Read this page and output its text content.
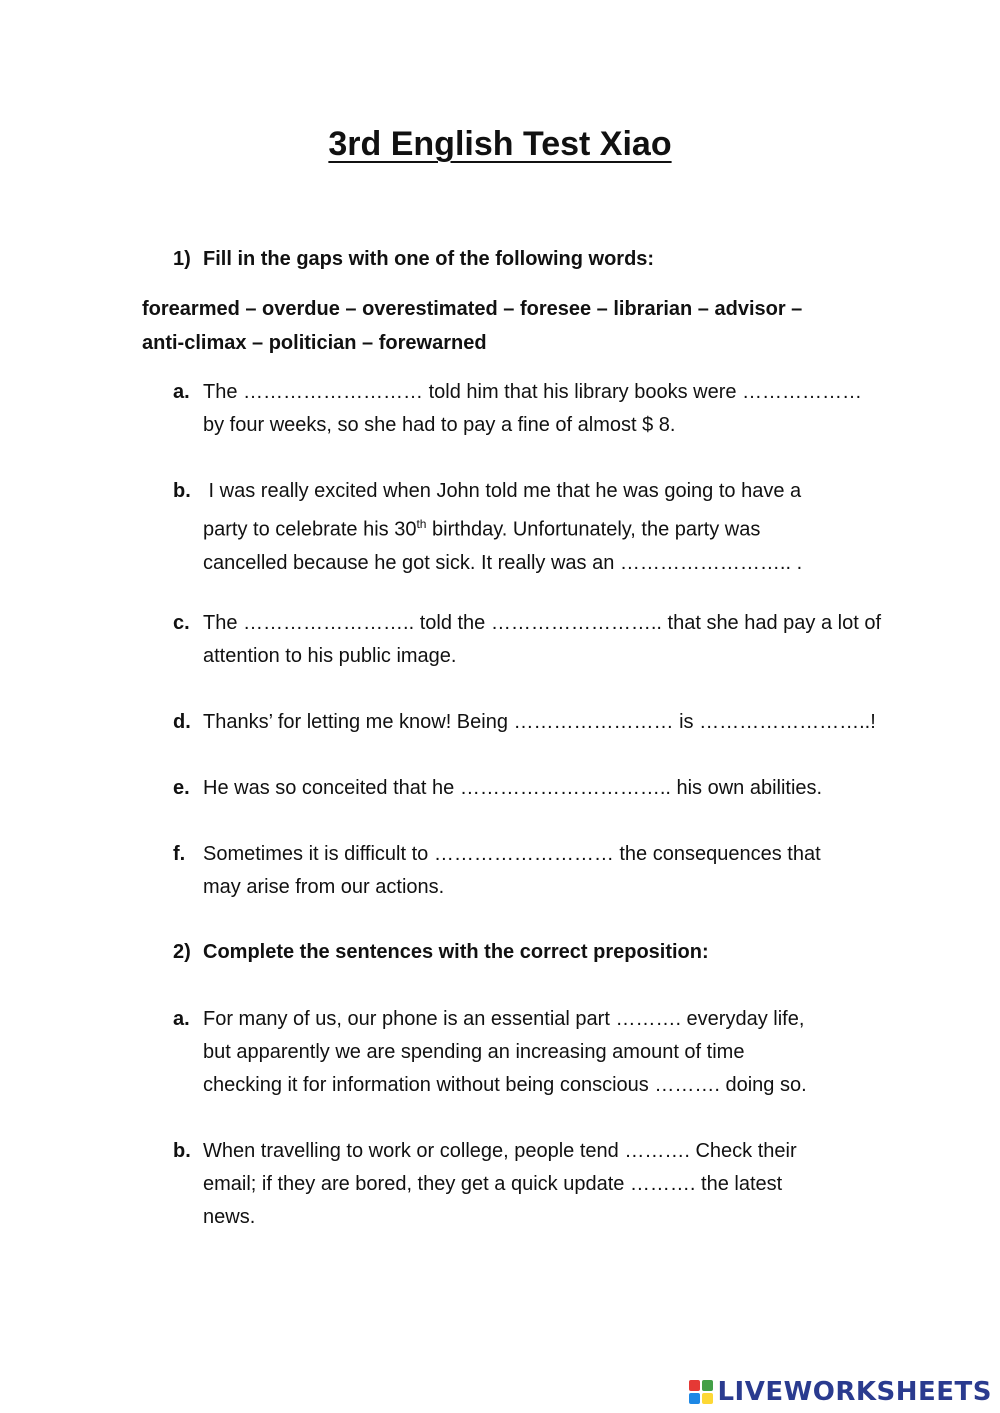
3rd English Test Xiao
1) Fill in the gaps with one of the following words:
forearmed – overdue – overestimated – foresee – librarian – advisor –
anti-climax – politician – forewarned
a. The ……………………… told him that his library books were ………………
by four weeks, so she had to pay a fine of almost $ 8.
b. I was really excited when John told me that he was going to have a
party to celebrate his 30th birthday. Unfortunately, the party was
cancelled because he got sick. It really was an …………………….. .
c. The …………………….. told the …………………….. that she had pay a lot of
attention to his public image.
d. Thanks’ for letting me know! Being …………………… is ……………………..!
e. He was so conceited that he ………………………….. his own abilities.
f. Sometimes it is difficult to ……………………… the consequences that
may arise from our actions.
2) Complete the sentences with the correct preposition:
a. For many of us, our phone is an essential part ………. everyday life,
but apparently we are spending an increasing amount of time
checking it for information without being conscious ………. doing so.
b. When travelling to work or college, people tend ………. Check their
email; if they are bored, they get a quick update ………. the latest
news.
LIVEWORKSHEETS
